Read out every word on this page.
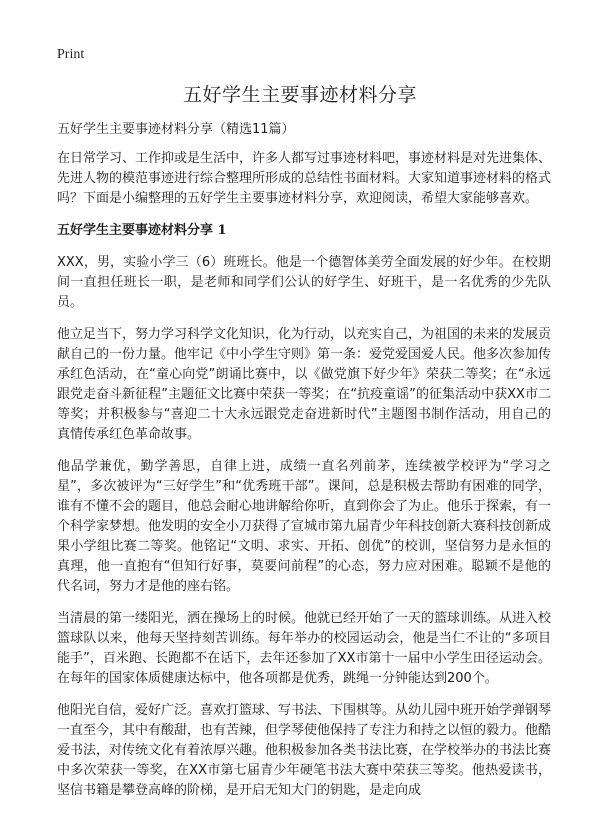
Print
五好学生主要事迹材料分享

五好学生主要事迹材料分享（精选11篇）

在日常学习、工作抑或是生活中，许多人都写过事迹材料吧，事迹材料是对先进集体、先进人物的模范事迹进行综合整理所形成的总结性书面材料。大家知道事迹材料的格式吗？下面是小编整理的五好学生主要事迹材料分享，欢迎阅读，希望大家能够喜欢。

五好学生主要事迹材料分享 1

XXX，男，实验小学三（6）班班长。他是一个德智体美劳全面发展的好少年。在校期间一直担任班长一职，是老师和同学们公认的好学生、好班干，是一名优秀的少先队员。

他立足当下，努力学习科学文化知识，化为行动，以充实自己，为祖国的未来的发展贡献自己的一份力量。他牢记《中小学生守则》第一条：爱党爱国爱人民。他多次参加传承红色活动，在“童心向党”朗诵比赛中，以《做党旗下好少年》荣获二等奖；在“永远跟党走奋斗新征程”主题征文比赛中荣获一等奖；在“抗疫童谣”的征集活动中获XX市二等奖；并积极参与“喜迎二十大永远跟党走奋进新时代”主题图书制作活动，用自己的真情传承红色革命故事。

他品学兼优，勤学善思，自律上进，成绩一直名列前茅，连续被学校评为“学习之星”，多次被评为“三好学生”和“优秀班干部”。课间，总是积极去帮助有困难的同学，谁有不懂不会的题目，他总会耐心地讲解给你听，直到你会了为止。他乐于探索，有一个科学家梦想。他发明的安全小刀获得了宣城市第九届青少年科技创新大赛科技创新成果小学组比赛二等奖。他铭记“文明、求实、开拓、创优”的校训，坚信努力是永恒的真理，他一直抱有“但知行好事，莫要问前程”的心态，努力应对困难。聪颖不是他的代名词，努力才是他的座右铭。

当清晨的第一缕阳光，洒在操场上的时候。他就已经开始了一天的篮球训练。从进入校篮球队以来，他每天坚持刻苦训练。每年举办的校园运动会，他是当仁不让的“多项目能手”，百米跑、长跑都不在话下，去年还参加了XX市第十一届中小学生田径运动会。在每年的国家体质健康达标中，他各项都是优秀，跳绳一分钟能达到200个。

他阳光自信，爱好广泛。喜欢打篮球、写书法、下围棋等。从幼儿园中班开始学弹钢琴一直至今，其中有酸甜，也有苦辣，但学琴使他保持了专注力和持之以恒的毅力。他酷爱书法，对传统文化有着浓厚兴趣。他积极参加各类书法比赛，在学校举办的书法比赛中多次荣获一等奖，在XX市第七届青少年硬笔书法大赛中荣获三等奖。他热爱读书，坚信书籍是攀登高峰的阶梯，是开启无知大门的钥匙，是走向成
